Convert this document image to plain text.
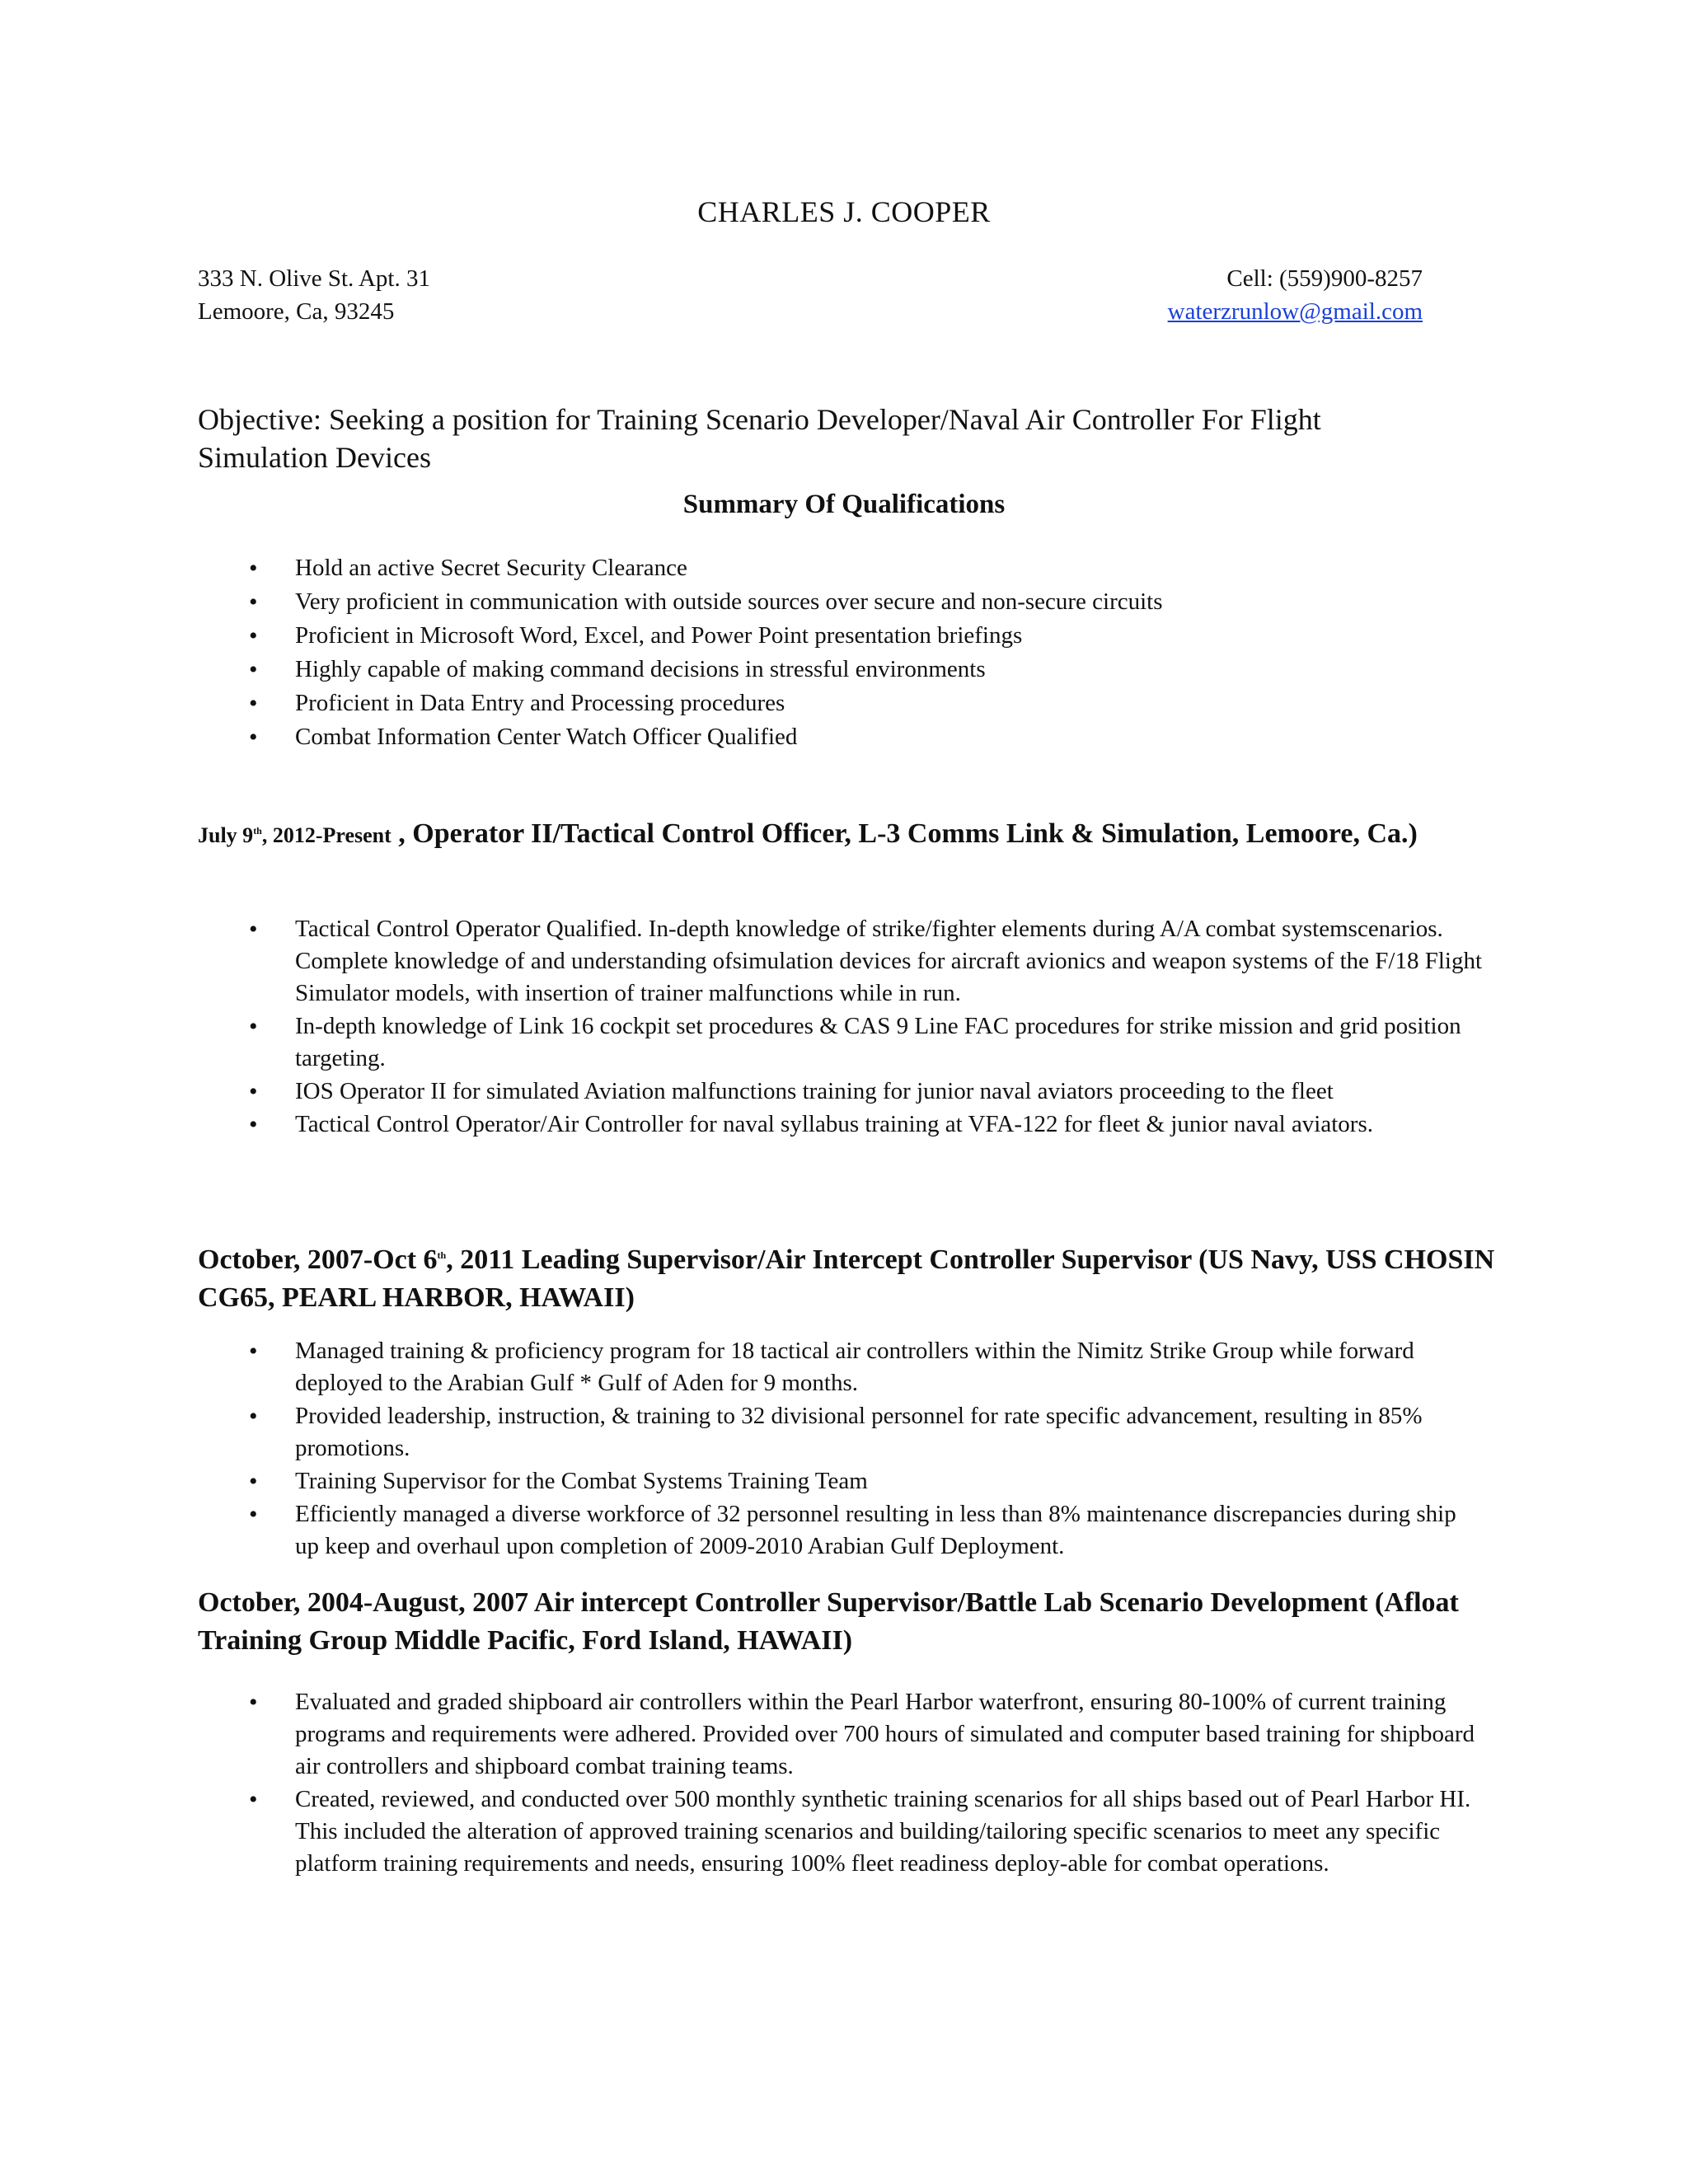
CHARLES J. COOPER
333 N. Olive St. Apt. 31
Lemoore, Ca, 93245
Cell: (559)900-8257
waterzrunlow@gmail.com
Objective: Seeking a position for Training Scenario Developer/Naval Air Controller For Flight Simulation Devices
Summary Of Qualifications
• Hold an active Secret Security Clearance
• Very proficient in communication with outside sources over secure and non-secure circuits
• Proficient in Microsoft Word, Excel, and Power Point presentation briefings
• Highly capable of making command decisions in stressful environments
• Proficient in Data Entry and Processing procedures
• Combat Information Center Watch Officer Qualified
July 9th, 2012-Present , Operator II/Tactical Control Officer, L-3 Comms Link & Simulation, Lemoore, Ca.)
• Tactical Control Operator Qualified. In-depth knowledge of strike/fighter elements during A/A combat systemscenarios. Complete knowledge of and understanding ofsimulation devices for aircraft avionics and weapon systems of the F/18 Flight Simulator models, with insertion of trainer malfunctions while in run.
• In-depth knowledge of Link 16 cockpit set procedures & CAS 9 Line FAC procedures for strike mission and grid position targeting.
• IOS Operator II for simulated Aviation malfunctions training for junior naval aviators proceeding to the fleet
• Tactical Control Operator/Air Controller for naval syllabus training at VFA-122 for fleet & junior naval aviators.
October, 2007-Oct 6th, 2011 Leading Supervisor/Air Intercept Controller Supervisor (US Navy, USS CHOSIN CG65, PEARL HARBOR, HAWAII)
• Managed training & proficiency program for 18 tactical air controllers within the Nimitz Strike Group while forward deployed to the Arabian Gulf * Gulf of Aden for 9 months.
• Provided leadership, instruction, & training to 32 divisional personnel for rate specific advancement, resulting in 85% promotions.
• Training Supervisor for the Combat Systems Training Team
• Efficiently managed a diverse workforce of 32 personnel resulting in less than 8% maintenance discrepancies during ship up keep and overhaul upon completion of 2009-2010 Arabian Gulf Deployment.
October, 2004-August, 2007 Air intercept Controller Supervisor/Battle Lab Scenario Development (Afloat Training Group Middle Pacific, Ford Island, HAWAII)
• Evaluated and graded shipboard air controllers within the Pearl Harbor waterfront, ensuring 80-100% of current training programs and requirements were adhered. Provided over 700 hours of simulated and computer based training for shipboard air controllers and shipboard combat training teams.
• Created, reviewed, and conducted over 500 monthly synthetic training scenarios for all ships based out of Pearl Harbor HI. This included the alteration of approved training scenarios and building/tailoring specific scenarios to meet any specific platform training requirements and needs, ensuring 100% fleet readiness deploy-able for combat operations.
